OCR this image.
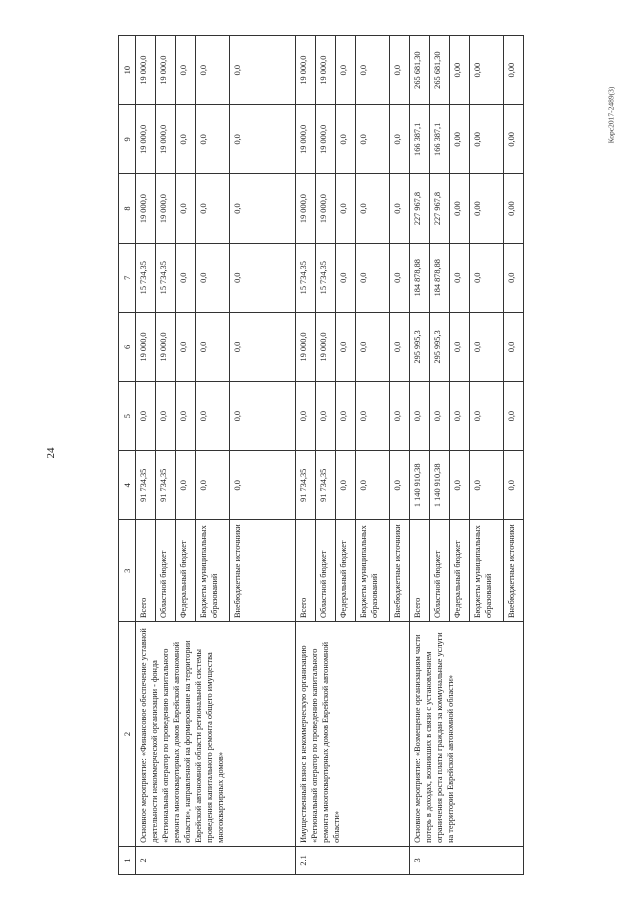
24
Корс2017-2489(3)
1	2	3	4	5	6	7	8	9	10
2	Основное мероприятие: «Финансовое обеспечение уставной деятельности некоммерческой организации - фонда «Региональный оператор по проведению капитального ремонта многоквартирных домов Еврейской автономной области», направленной на формирование на территории Еврейской автономной области региональной системы проведения капитального ремонта общего имущества многоквартирных домов»	Всего	91 734,35	0,0	19 000,0	15 734,35	19 000,0	19 000,0	19 000,0
		Областной бюджет	91 734,35	0,0	19 000,0	15 734,35	19 000,0	19 000,0	19 000,0
		Федеральный бюджет	0,0	0,0	0,0	0,0	0,0	0,0	0,0
		Бюджеты муниципальных образований	0,0	0,0	0,0	0,0	0,0	0,0	0,0
		Внебюджетные источники	0,0	0,0	0,0	0,0	0,0	0,0	0,0
2.1	Имущественный взнос в некоммерческую организацию «Региональный оператор по проведению капитального ремонта многоквартирных домов Еврейской автономной области»	Всего	91 734,35	0,0	19 000,0	15 734,35	19 000,0	19 000,0	19 000,0
		Областной бюджет	91 734,35	0,0	19 000,0	15 734,35	19 000,0	19 000,0	19 000,0
		Федеральный бюджет	0,0	0,0	0,0	0,0	0,0	0,0	0,0
		Бюджеты муниципальных образований	0,0	0,0	0,0	0,0	0,0	0,0	0,0
		Внебюджетные источники	0,0	0,0	0,0	0,0	0,0	0,0	0,0
3	Основное мероприятие: «Возмещение организациям части потерь в доходах, возникших в связи с установлением ограничения роста платы граждан за коммунальные услуги на территории Еврейской автономной области»	Всего	1 140 910,38	0,0	295 995,3	184 878,88	227 967,8	166 387,1	265 681,30
		Областной бюджет	1 140 910,38	0,0	295 995,3	184 878,88	227 967,8	166 387,1	265 681,30
		Федеральный бюджет	0,0	0,0	0,0	0,0	0,00	0,00	0,00
		Бюджеты муниципальных образований	0,0	0,0	0,0	0,0	0,00	0,00	0,00
		Внебюджетные источники	0,0	0,0	0,0	0,0	0,00	0,00	0,00
